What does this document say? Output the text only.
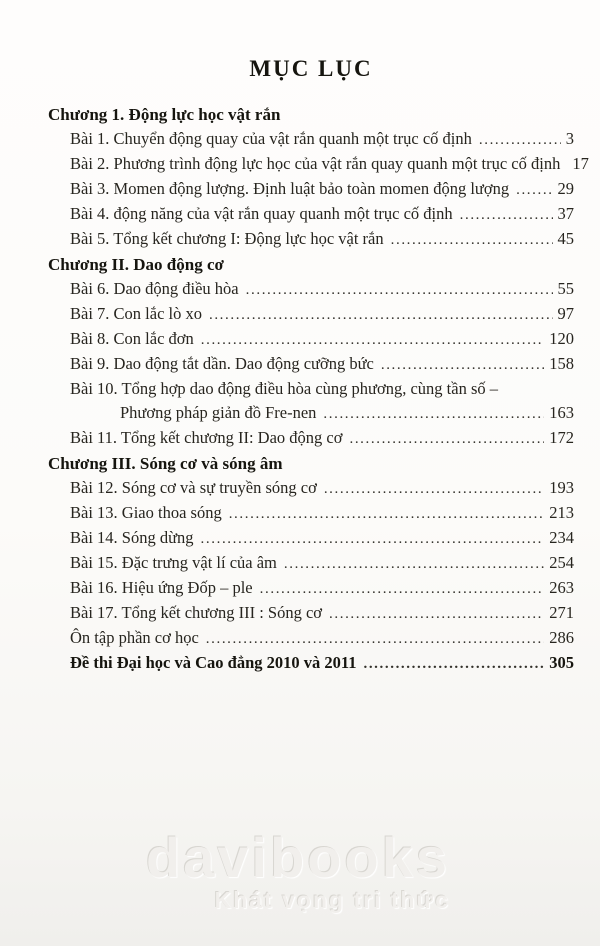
MỤC LỤC
Chương 1. Động lực học vật rắn
Bài 1. Chuyển động quay của vật rắn quanh một trục cố định .....	3
Bài 2. Phương trình động lực học của vật rắn quay quanh một trục cố định 17
Bài 3. Momen động lượng. Định luật bảo toàn momen động lượng .....	29
Bài 4. động năng của vật rắn quay quanh một trục cố định .....	37
Bài 5. Tổng kết chương I: Động lực học vật rắn .....	45
Chương II. Dao động cơ
Bài 6. Dao động điều hòa .....	55
Bài 7. Con lắc lò xo .....	97
Bài 8. Con lắc đơn .....	120
Bài 9. Dao động tắt dần. Dao động cưỡng bức .....	158
Bài 10. Tổng hợp dao động điều hòa cùng phương, cùng tần số –
Phương pháp giản đồ Fre-nen .....	163
Bài 11. Tổng kết chương II: Dao động cơ .....	172
Chương III. Sóng cơ và sóng âm
Bài 12. Sóng cơ và sự truyền sóng cơ .....	193
Bài 13. Giao thoa sóng .....	213
Bài 14. Sóng dừng .....	234
Bài 15. Đặc trưng vật lí của âm .....	254
Bài 16. Hiệu ứng Đốp – ple .....	263
Bài 17. Tổng kết chương III : Sóng cơ .....	271
Ôn tập phần cơ học .....	286
Đề thi Đại học và Cao đẳng 2010 và 2011 .....	305
davibooks
Khát vọng tri thức
